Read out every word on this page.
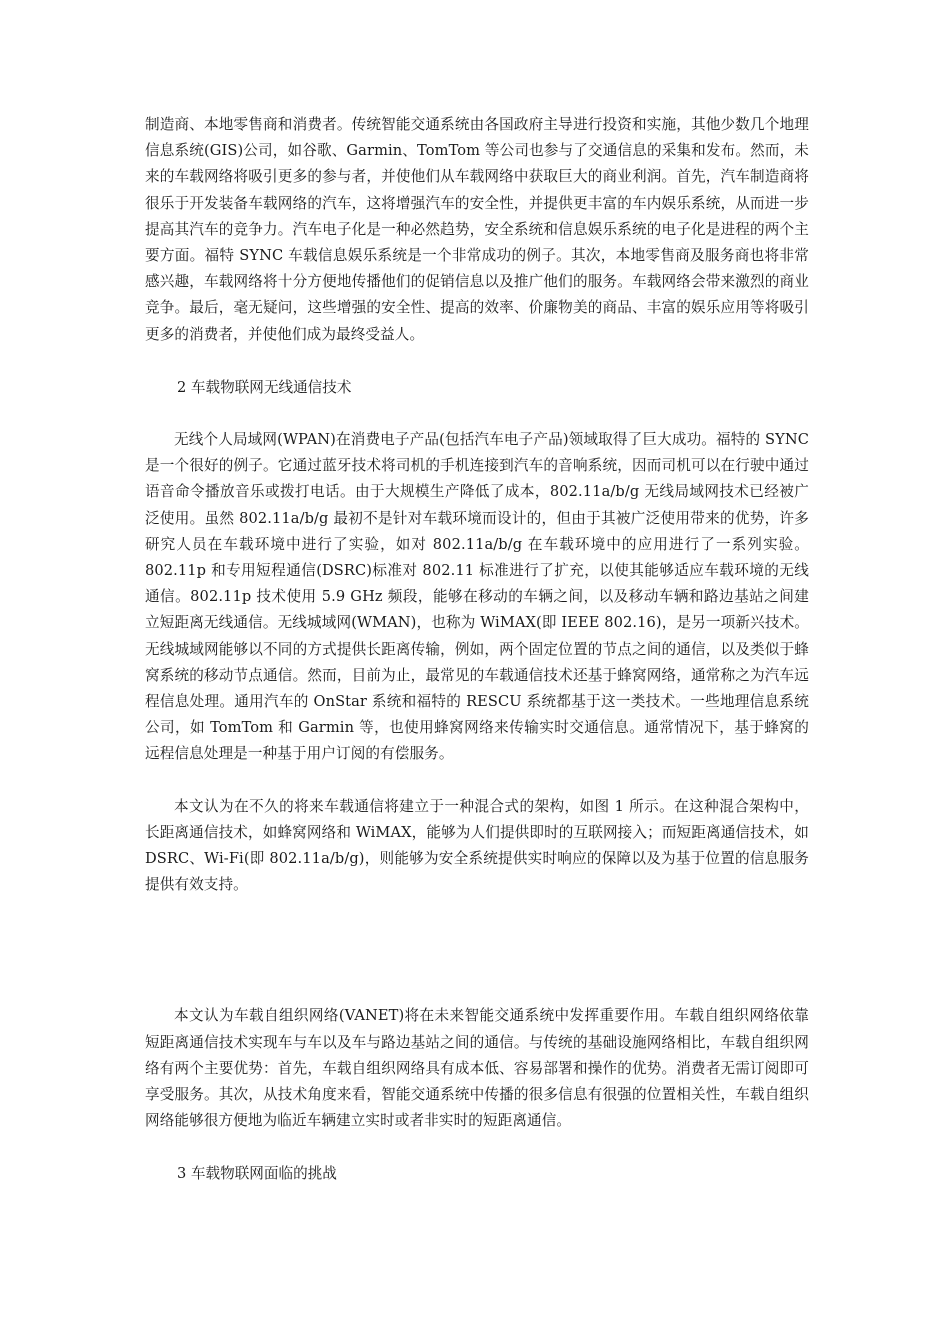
制造商、本地零售商和消费者。传统智能交通系统由各国政府主导进行投资和实施，其他少数几个地理信息系统(GIS)公司，如谷歌、Garmin、TomTom 等公司也参与了交通信息的采集和发布。然而，未来的车载网络将吸引更多的参与者，并使他们从车载网络中获取巨大的商业利润。首先，汽车制造商将很乐于开发装备车载网络的汽车，这将增强汽车的安全性，并提供更丰富的车内娱乐系统，从而进一步提高其汽车的竞争力。汽车电子化是一种必然趋势，安全系统和信息娱乐系统的电子化是进程的两个主要方面。福特 SYNC 车载信息娱乐系统是一个非常成功的例子。其次，本地零售商及服务商也将非常感兴趣，车载网络将十分方便地传播他们的促销信息以及推广他们的服务。车载网络会带来激烈的商业竞争。最后，毫无疑问，这些增强的安全性、提高的效率、价廉物美的商品、丰富的娱乐应用等将吸引更多的消费者，并使他们成为最终受益人。

2 车载物联网无线通信技术

无线个人局域网(WPAN)在消费电子产品(包括汽车电子产品)领域取得了巨大成功。福特的 SYNC 是一个很好的例子。它通过蓝牙技术将司机的手机连接到汽车的音响系统，因而司机可以在行驶中通过语音命令播放音乐或拨打电话。由于大规模生产降低了成本，802.11a/b/g 无线局域网技术已经被广泛使用。虽然 802.11a/b/g 最初不是针对车载环境而设计的，但由于其被广泛使用带来的优势，许多研究人员在车载环境中进行了实验，如对 802.11a/b/g 在车载环境中的应用进行了一系列实验。802.11p 和专用短程通信(DSRC)标准对 802.11 标准进行了扩充，以使其能够适应车载环境的无线通信。802.11p 技术使用 5.9 GHz 频段，能够在移动的车辆之间，以及移动车辆和路边基站之间建立短距离无线通信。无线城域网(WMAN)，也称为 WiMAX(即 IEEE 802.16)，是另一项新兴技术。无线城域网能够以不同的方式提供长距离传输，例如，两个固定位置的节点之间的通信，以及类似于蜂窝系统的移动节点通信。然而，目前为止，最常见的车载通信技术还基于蜂窝网络，通常称之为汽车远程信息处理。通用汽车的 OnStar 系统和福特的 RESCU 系统都基于这一类技术。一些地理信息系统公司，如 TomTom 和 Garmin 等，也使用蜂窝网络来传输实时交通信息。通常情况下，基于蜂窝的远程信息处理是一种基于用户订阅的有偿服务。

本文认为在不久的将来车载通信将建立于一种混合式的架构，如图 1 所示。在这种混合架构中，长距离通信技术，如蜂窝网络和 WiMAX，能够为人们提供即时的互联网接入；而短距离通信技术，如 DSRC、Wi-Fi(即 802.11a/b/g)，则能够为安全系统提供实时响应的保障以及为基于位置的信息服务提供有效支持。

本文认为车载自组织网络(VANET)将在未来智能交通系统中发挥重要作用。车载自组织网络依靠短距离通信技术实现车与车以及车与路边基站之间的通信。与传统的基础设施网络相比，车载自组织网络有两个主要优势：首先，车载自组织网络具有成本低、容易部署和操作的优势。消费者无需订阅即可享受服务。其次，从技术角度来看，智能交通系统中传播的很多信息有很强的位置相关性，车载自组织网络能够很方便地为临近车辆建立实时或者非实时的短距离通信。

3 车载物联网面临的挑战
